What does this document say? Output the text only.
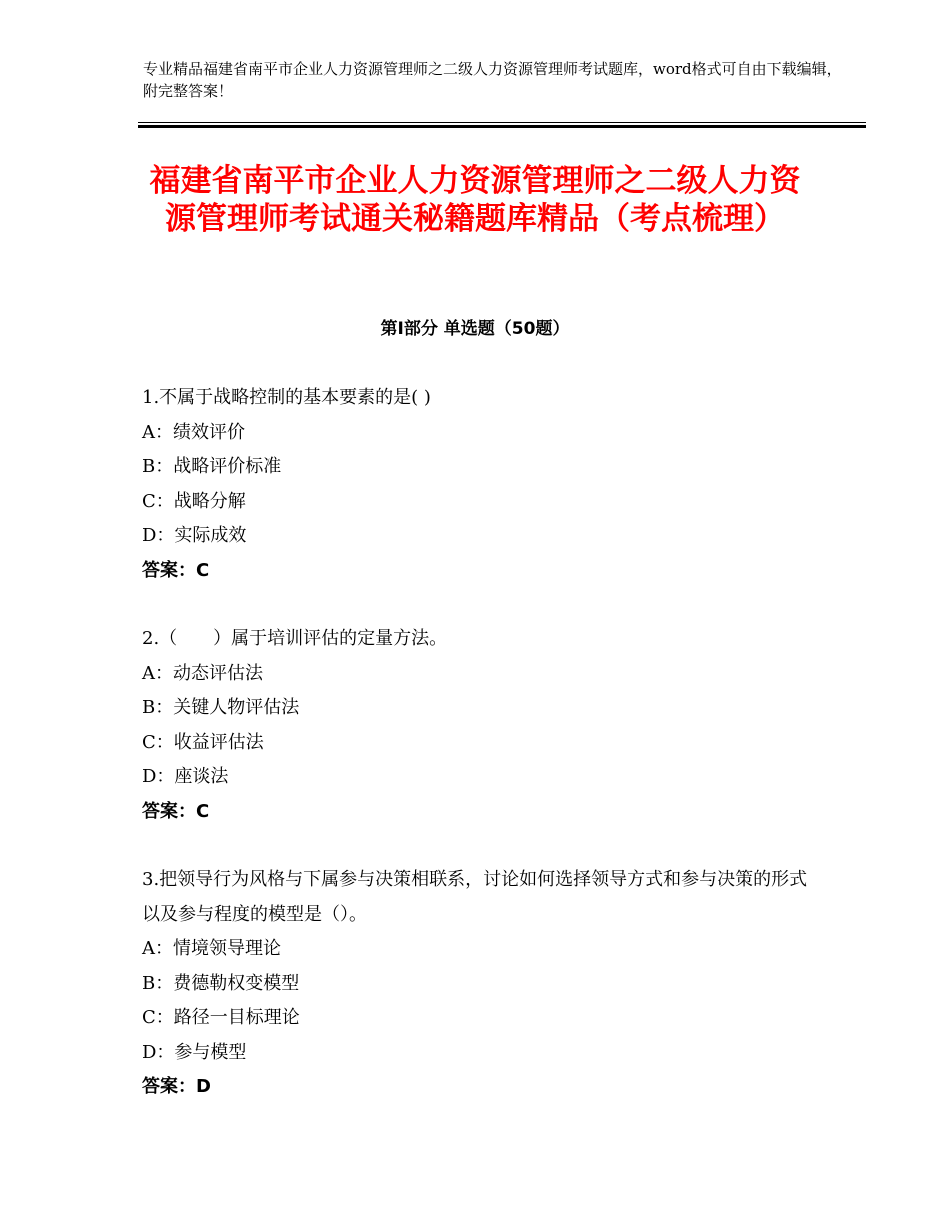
专业精品福建省南平市企业人力资源管理师之二级人力资源管理师考试题库，word格式可自由下载编辑，附完整答案！
福建省南平市企业人力资源管理师之二级人力资源管理师考试通关秘籍题库精品（考点梳理）
第Ⅰ部分 单选题（50题）

1.不属于战略控制的基本要素的是( )

A：绩效评价

B：战略评价标准

C：战略分解

D：实际成效

答案：C

2.（　　）属于培训评估的定量方法。

A：动态评估法

B：关键人物评估法

C：收益评估法

D：座谈法

答案：C

3.把领导行为风格与下属参与决策相联系，讨论如何选择领导方式和参与决策的形式以及参与程度的模型是（）。

A：情境领导理论

B：费德勒权变模型

C：路径一目标理论

D：参与模型

答案：D
